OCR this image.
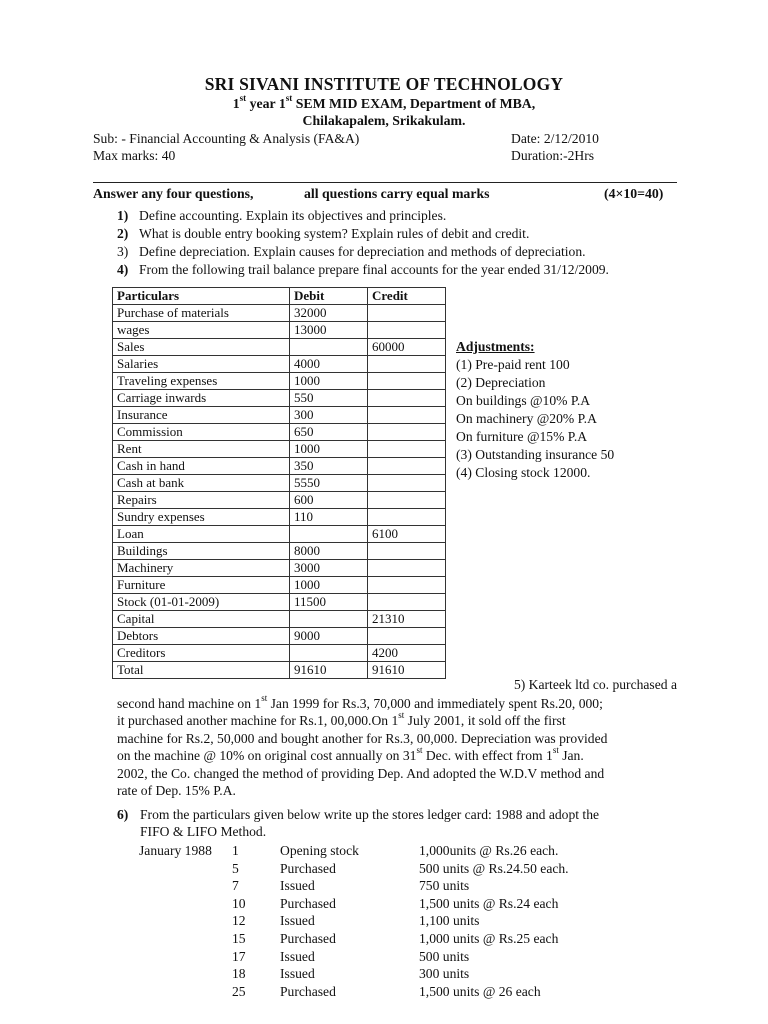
SRI SIVANI INSTITUTE OF TECHNOLOGY
1st year 1st SEM MID EXAM, Department of MBA,
Chilakapalem, Srikakulam.
Sub: - Financial Accounting & Analysis (FA&A)	Date: 2/12/2010
Max marks: 40	Duration:-2Hrs
Answer any four questions,	all questions carry equal marks	(4×10=40)
1) Define accounting. Explain its objectives and principles.
2) What is double entry booking system? Explain rules of debit and credit.
3) Define depreciation. Explain causes for depreciation and methods of depreciation.
4) From the following trail balance prepare final accounts for the year ended 31/12/2009.
Particulars	Debit	Credit
Purchase of materials	32000	
wages	13000	
Sales		60000
Salaries	4000	
Traveling expenses	1000	
Carriage inwards	550	
Insurance	300	
Commission	650	
Rent	1000	
Cash in hand	350	
Cash at bank	5550	
Repairs	600	
Sundry expenses	110	
Loan		6100
Buildings	8000	
Machinery	3000	
Furniture	1000	
Stock (01-01-2009)	11500	
Capital		21310
Debtors	9000	
Creditors		4200
Total	91610	91610
Adjustments:
(1) Pre-paid rent 100
(2) Depreciation
On buildings @10% P.A
On machinery @20% P.A
On furniture @15% P.A
(3) Outstanding insurance 50
(4) Closing stock 12000.
5) Karteek ltd co. purchased a
second hand machine on 1st Jan 1999 for Rs.3, 70,000 and immediately spent Rs.20, 000;
it purchased another machine for Rs.1, 00,000.On 1st July 2001, it sold off the first
machine for Rs.2, 50,000 and bought another for Rs.3, 00,000. Depreciation was provided
on the machine @ 10% on original cost annually on 31st Dec. with effect from 1st Jan.
2002, the Co. changed the method of providing Dep. And adopted the W.D.V method and
rate of Dep. 15% P.A.
6) From the particulars given below write up the stores ledger card: 1988 and adopt the
FIFO & LIFO Method.
January 1988 1	Opening stock	1,000units @ Rs.26 each.
5	Purchased	500 units @ Rs.24.50 each.
7	Issued	750 units
10	Purchased	1,500 units @ Rs.24 each
12	Issued	1,100 units
15	Purchased	1,000 units @ Rs.25 each
17	Issued	500 units
18	Issued	300 units
25	Purchased	1,500 units @ 26 each
